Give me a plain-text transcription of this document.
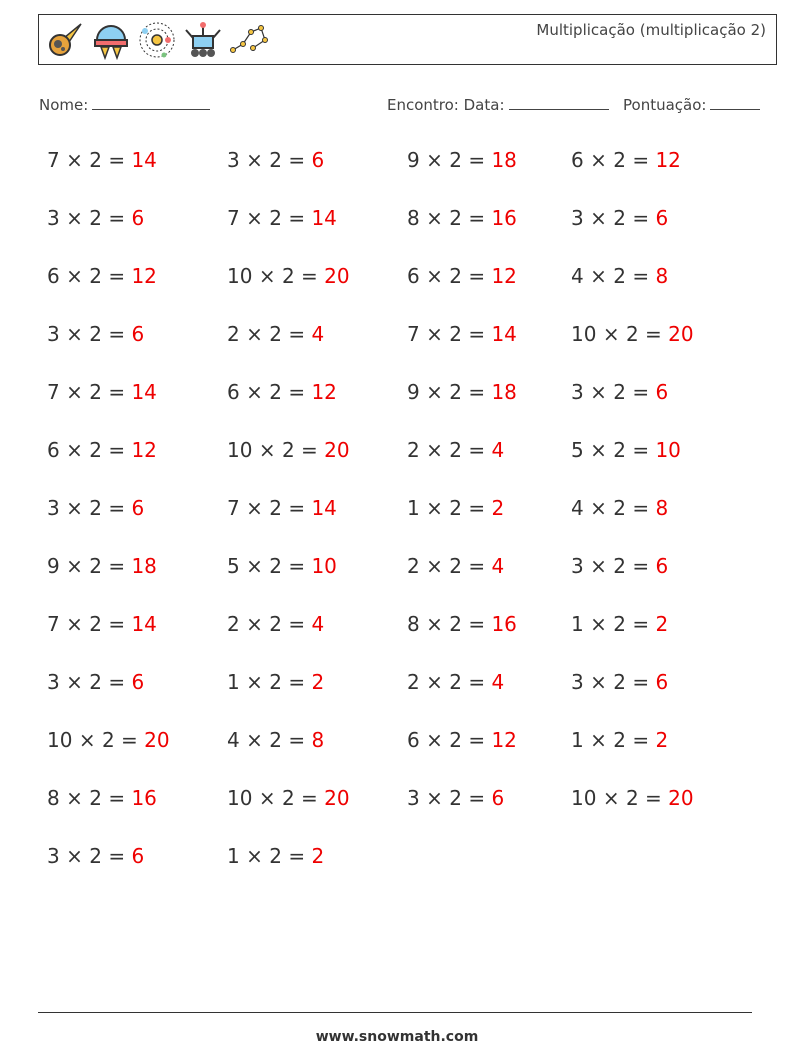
Multiplicação (multiplicação 2)
Nome:	Encontro: Data:	Pontuação:
7 × 2 = 14	3 × 2 = 6	9 × 2 = 18	6 × 2 = 12
3 × 2 = 6	7 × 2 = 14	8 × 2 = 16	3 × 2 = 6
6 × 2 = 12	10 × 2 = 20	6 × 2 = 12	4 × 2 = 8
3 × 2 = 6	2 × 2 = 4	7 × 2 = 14	10 × 2 = 20
7 × 2 = 14	6 × 2 = 12	9 × 2 = 18	3 × 2 = 6
6 × 2 = 12	10 × 2 = 20	2 × 2 = 4	5 × 2 = 10
3 × 2 = 6	7 × 2 = 14	1 × 2 = 2	4 × 2 = 8
9 × 2 = 18	5 × 2 = 10	2 × 2 = 4	3 × 2 = 6
7 × 2 = 14	2 × 2 = 4	8 × 2 = 16	1 × 2 = 2
3 × 2 = 6	1 × 2 = 2	2 × 2 = 4	3 × 2 = 6
10 × 2 = 20	4 × 2 = 8	6 × 2 = 12	1 × 2 = 2
8 × 2 = 16	10 × 2 = 20	3 × 2 = 6	10 × 2 = 20
3 × 2 = 6	1 × 2 = 2
www.snowmath.com
